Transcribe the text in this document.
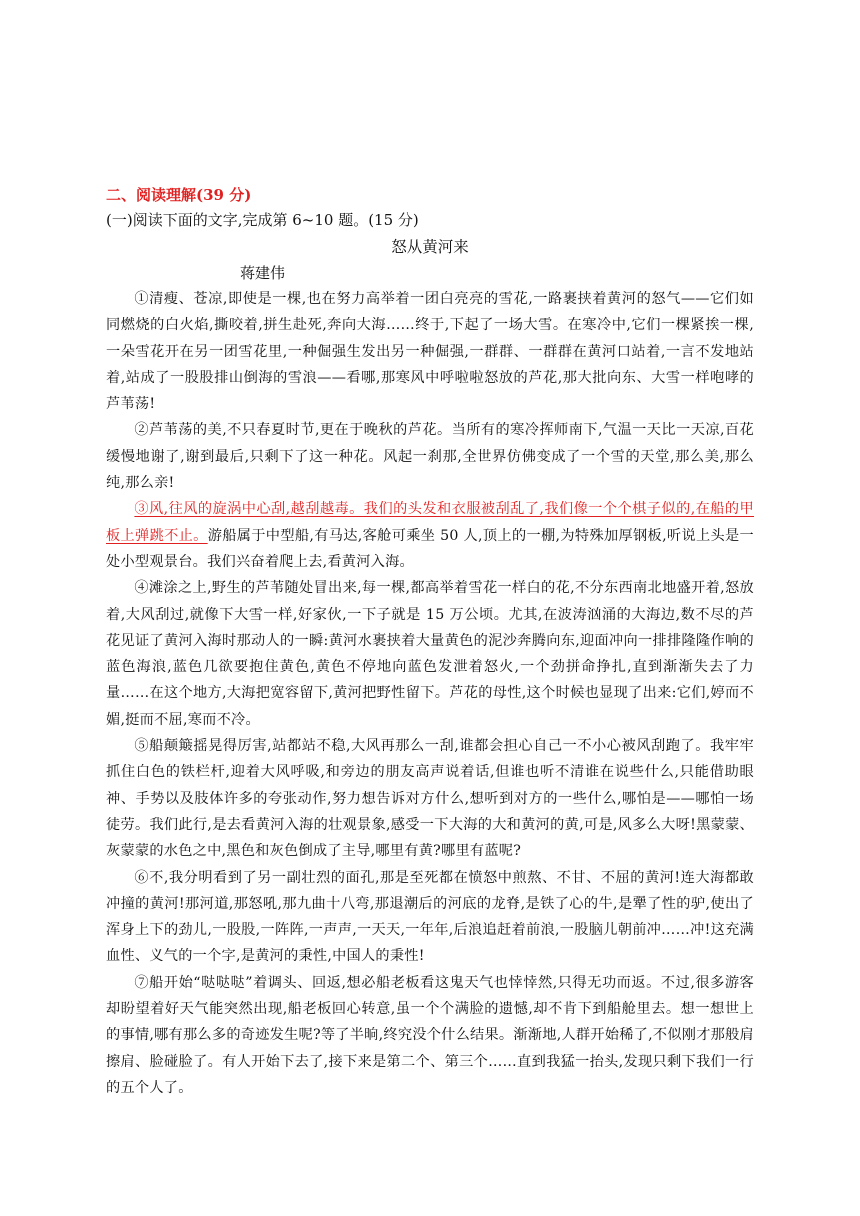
二、阅读理解(39 分)
(一)阅读下面的文字,完成第 6~10 题。(15 分)
怒从黄河来
蒋建伟

①清瘦、苍凉,即使是一棵,也在努力高举着一团白亮亮的雪花,一路裹挟着黄河的怒气——它们如同燃烧的白火焰,撕咬着,拼生赴死,奔向大海……终于,下起了一场大雪。在寒冷中,它们一棵紧挨一棵,一朵雪花开在另一团雪花里,一种倔强生发出另一种倔强,一群群、一群群在黄河口站着,一言不发地站着,站成了一股股排山倒海的雪浪——看哪,那寒风中呼啦啦怒放的芦花,那大批向东、大雪一样咆哮的芦苇荡!

②芦苇荡的美,不只春夏时节,更在于晚秋的芦花。当所有的寒冷挥师南下,气温一天比一天凉,百花缓慢地谢了,谢到最后,只剩下了这一种花。风起一刹那,全世界仿佛变成了一个雪的天堂,那么美,那么纯,那么亲!

③风,往风的旋涡中心刮,越刮越毒。我们的头发和衣服被刮乱了,我们像一个个棋子似的,在船的甲板上弹跳不止。游船属于中型船,有马达,客舱可乘坐 50 人,顶上的一棚,为特殊加厚钢板,听说上头是一处小型观景台。我们兴奋着爬上去,看黄河入海。

④滩涂之上,野生的芦苇随处冒出来,每一棵,都高举着雪花一样白的花,不分东西南北地盛开着,怒放着,大风刮过,就像下大雪一样,好家伙,一下子就是 15 万公顷。尤其,在波涛汹涌的大海边,数不尽的芦花见证了黄河入海时那动人的一瞬:黄河水裹挟着大量黄色的泥沙奔腾向东,迎面冲向一排排隆隆作响的蓝色海浪,蓝色几欲要抱住黄色,黄色不停地向蓝色发泄着怒火,一个劲拼命挣扎,直到渐渐失去了力量……在这个地方,大海把宽容留下,黄河把野性留下。芦花的母性,这个时候也显现了出来:它们,婷而不媚,挺而不屈,寒而不冷。

⑤船颠簸摇晃得厉害,站都站不稳,大风再那么一刮,谁都会担心自己一不小心被风刮跑了。我牢牢抓住白色的铁栏杆,迎着大风呼吸,和旁边的朋友高声说着话,但谁也听不清谁在说些什么,只能借助眼神、手势以及肢体许多的夸张动作,努力想告诉对方什么,想听到对方的一些什么,哪怕是——哪怕一场徒劳。我们此行,是去看黄河入海的壮观景象,感受一下大海的大和黄河的黄,可是,风多么大呀!黑蒙蒙、灰蒙蒙的水色之中,黑色和灰色倒成了主导,哪里有黄?哪里有蓝呢?

⑥不,我分明看到了另一副壮烈的面孔,那是至死都在愤怒中煎熬、不甘、不屈的黄河!连大海都敢冲撞的黄河!那河道,那怒吼,那九曲十八弯,那退潮后的河底的龙脊,是铁了心的牛,是犟了性的驴,使出了浑身上下的劲儿,一股股,一阵阵,一声声,一天天,一年年,后浪追赶着前浪,一股脑儿朝前冲……冲!这充满血性、义气的一个字,是黄河的秉性,中国人的秉性!

⑦船开始“哒哒哒”着调头、回返,想必船老板看这鬼天气也悻悻然,只得无功而返。不过,很多游客却盼望着好天气能突然出现,船老板回心转意,虽一个个满脸的遗憾,却不肯下到船舱里去。想一想世上的事情,哪有那么多的奇迹发生呢?等了半晌,终究没个什么结果。渐渐地,人群开始稀了,不似刚才那般肩擦肩、脸碰脸了。有人开始下去了,接下来是第二个、第三个……直到我猛一抬头,发现只剩下我们一行的五个人了。
